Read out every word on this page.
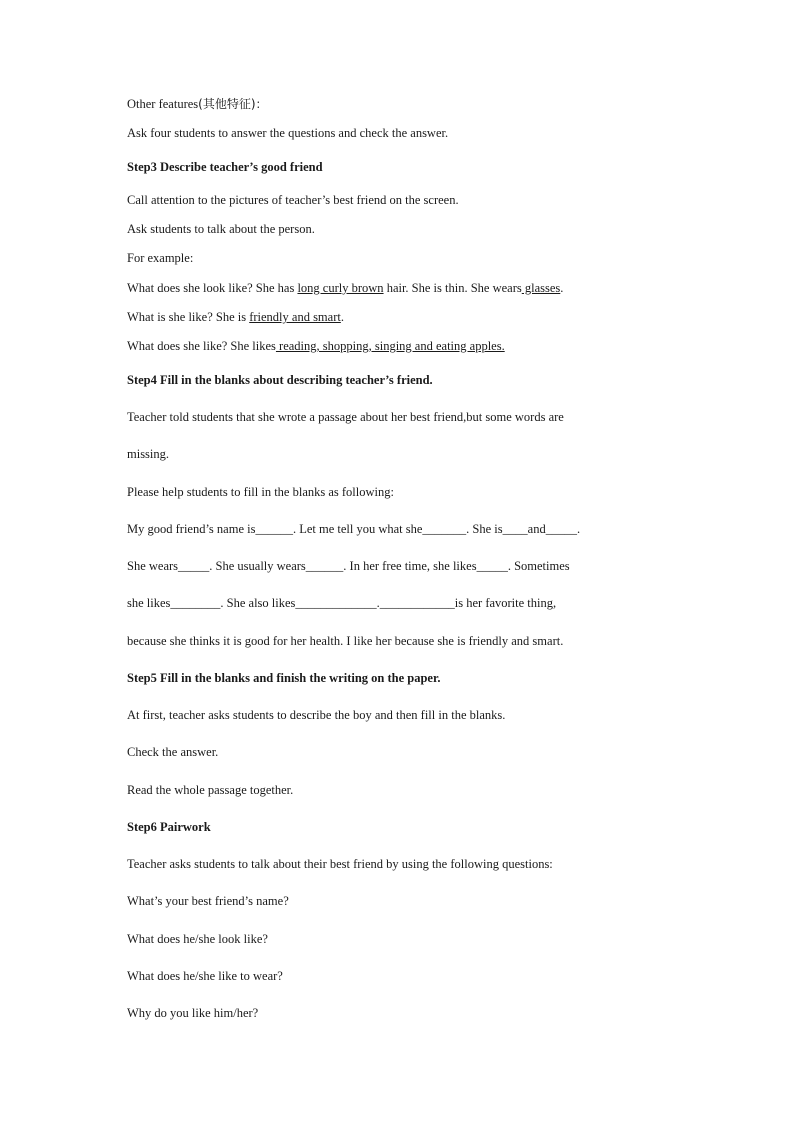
Other features(其他特征)：
Ask four students to answer the questions and check the answer.
Step3 Describe teacher’s good friend
Call attention to the pictures of teacher’s best friend on the screen.
Ask students to talk about the person.
For example:
What does she look like? She has long curly brown hair. She is thin. She wears glasses.
What is she like? She is friendly and smart.
What does she like? She likes reading, shopping, singing and eating apples.
Step4 Fill in the blanks about describing teacher’s friend.
Teacher told students that she wrote a passage about her best friend,but some words are
missing.
Please help students to fill in the blanks as following:
My good friend’s name is______. Let me tell you what she_______. She is____and_____.
She wears_____. She usually wears______. In her free time, she likes_____. Sometimes
she likes________. She also likes_____________.____________is her favorite thing,
because she thinks it is good for her health. I like her because she is friendly and smart.
Step5 Fill in the blanks and finish the writing on the paper.
At first, teacher asks students to describe the boy and then fill in the blanks.
Check the answer.
Read the whole passage together.
Step6 Pairwork
Teacher asks students to talk about their best friend by using the following questions:
What’s your best friend’s name?
What does he/she look like?
What does he/she like to wear?
Why do you like him/her?
